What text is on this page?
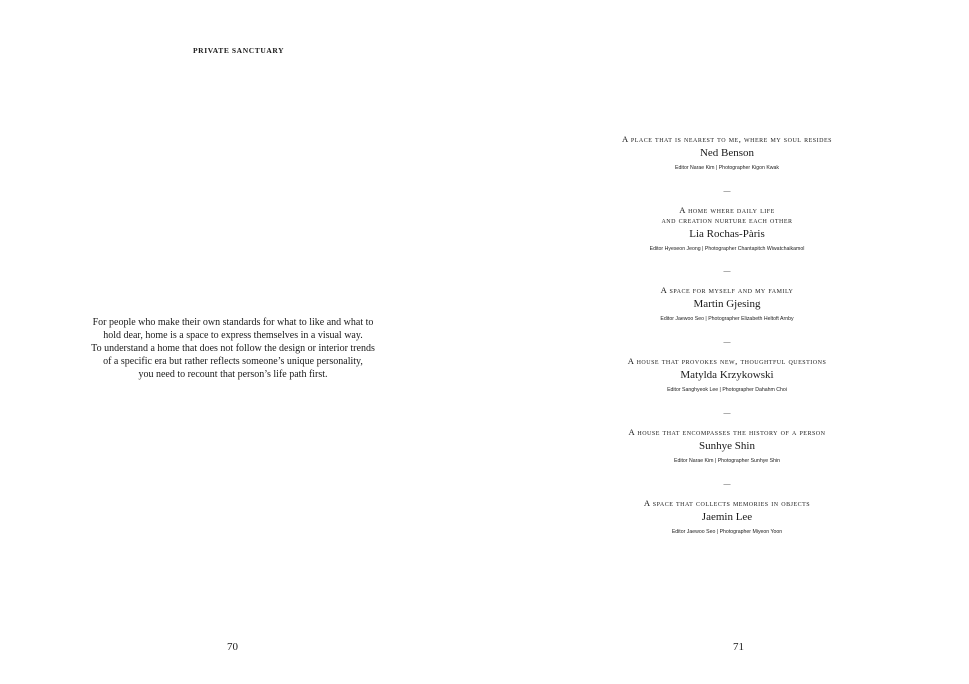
PRIVATE SANCTUARY
For people who make their own standards for what to like and what to
hold dear, home is a space to express themselves in a visual way.
To understand a home that does not follow the design or interior trends
of a specific era but rather reflects someone’s unique personality,
you need to recount that person’s life path first.
70
A place that is nearest to me, where my soul resides
Ned Benson
Editor Narae Kim | Photographer Kigon Kwak
—
A home where daily life
and creation nurture each other
Lia Rochas-Pàris
Editor Hyeseon Jeong | Photographer Chantapitch Wiwatchaikamol
—
A space for myself and my family
Martin Gjesing
Editor Jaewoo Seo | Photographer Elizabeth Heltoft Arnby
—
A house that provokes new, thoughtful questions
Matylda Krzykowski
Editor Sanghyeok Lee | Photographer Dahahm Choi
—
A house that encompasses the history of a person
Sunhye Shin
Editor Narae Kim | Photographer Sunhye Shin
—
A space that collects memories in objects
Jaemin Lee
Editor Jaewoo Seo | Photographer Miyeon Yoon
71
